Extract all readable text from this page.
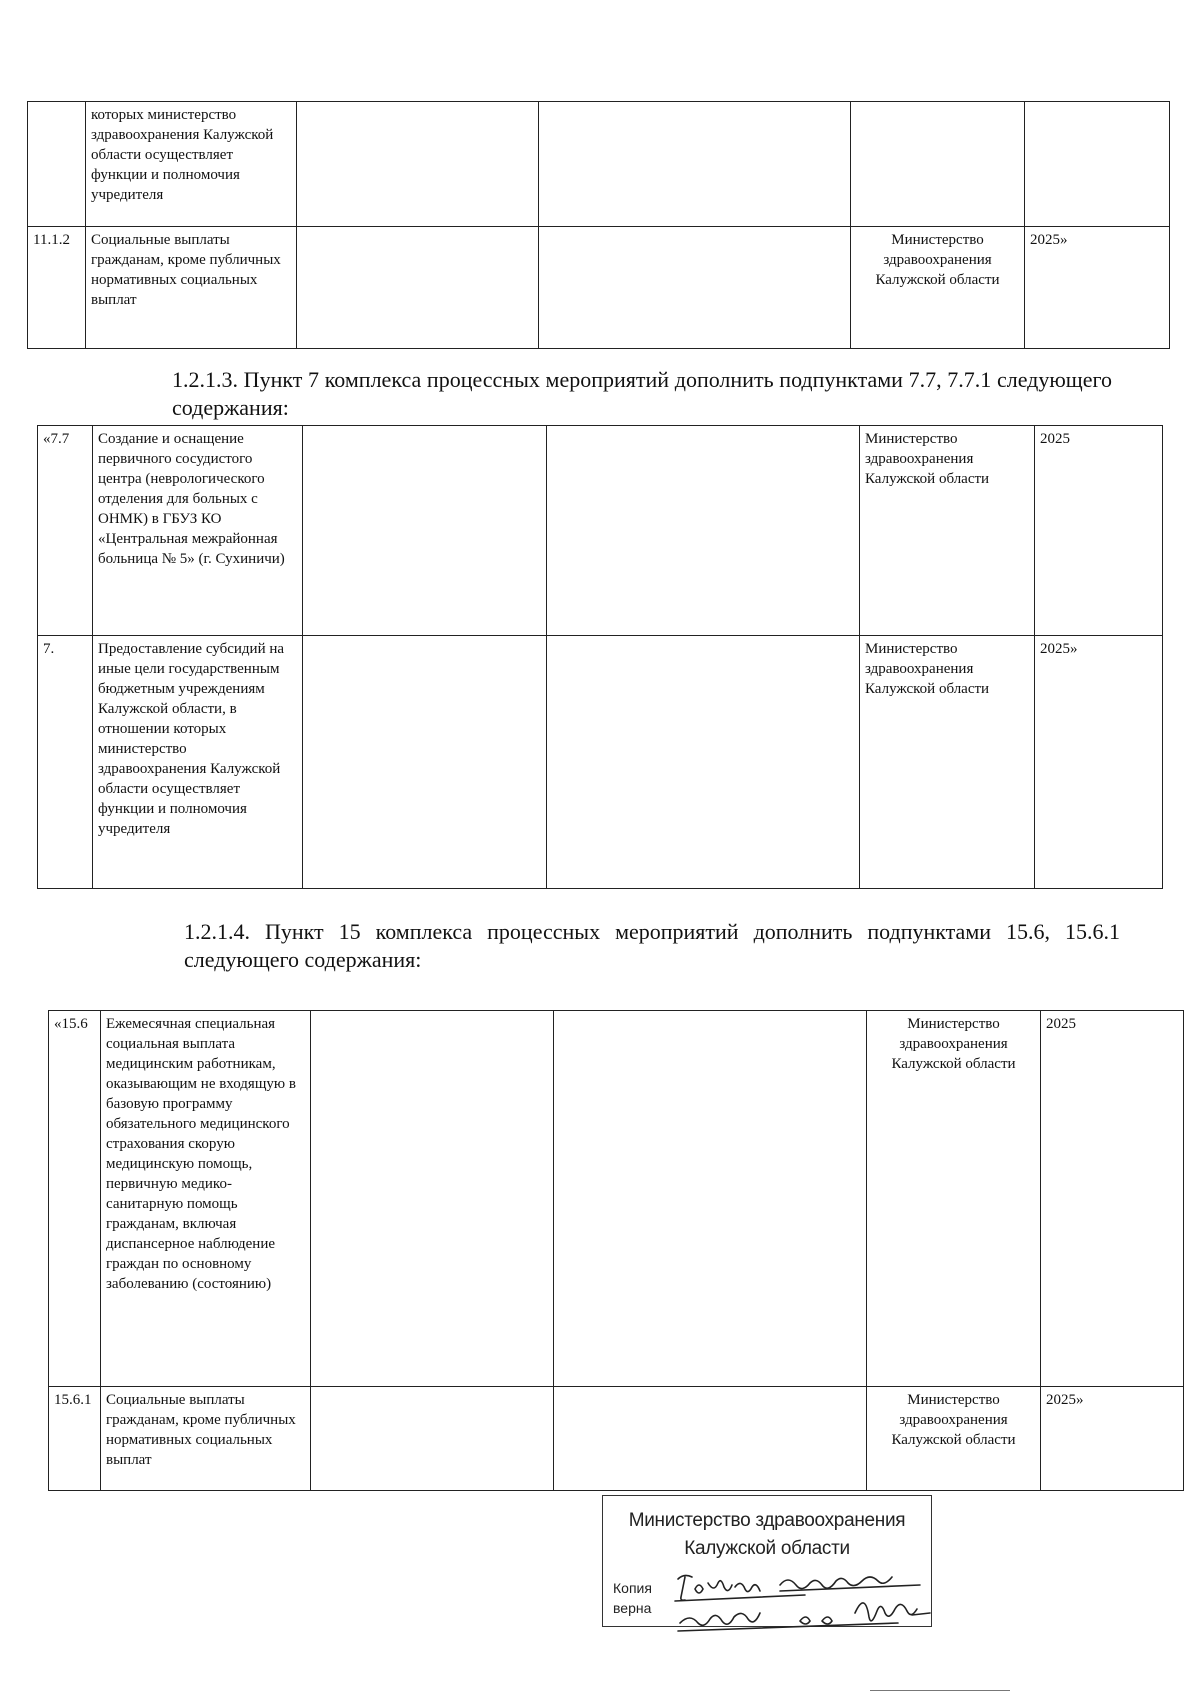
	которых министерство здравоохранения Калужской области осуществляет функции и полномочия учредителя				
11.1.2	Социальные выплаты гражданам, кроме публичных нормативных социальных выплат			Министерство здравоохранения Калужской области	2025»

1.2.1.3. Пункт 7 комплекса процессных мероприятий дополнить подпунктами 7.7, 7.7.1 следующего содержания:

«7.7	Создание и оснащение первичного сосудистого центра (неврологического отделения для больных с ОНМК) в ГБУЗ КО «Центральная межрайонная больница № 5» (г. Сухиничи)			Министерство здравоохранения Калужской области	2025
7.	Предоставление субсидий на иные цели государственным бюджетным учреждениям Калужской области, в отношении которых министерство здравоохранения Калужской области осуществляет функции и полномочия учредителя			Министерство здравоохранения Калужской области	2025»

1.2.1.4. Пункт 15 комплекса процессных мероприятий дополнить подпунктами 15.6, 15.6.1 следующего содержания:

«15.6	Ежемесячная специальная социальная выплата медицинским работникам, оказывающим не входящую в базовую программу обязательного медицинского страхования скорую медицинскую помощь, первичную медико-санитарную помощь гражданам, включая диспансерное наблюдение граждан по основному заболеванию (состоянию)			Министерство здравоохранения Калужской области	2025
15.6.1	Социальные выплаты гражданам, кроме публичных нормативных социальных выплат			Министерство здравоохранения Калужской области	2025»
Министерство здравоохранения
Калужской области
Копия
верна
